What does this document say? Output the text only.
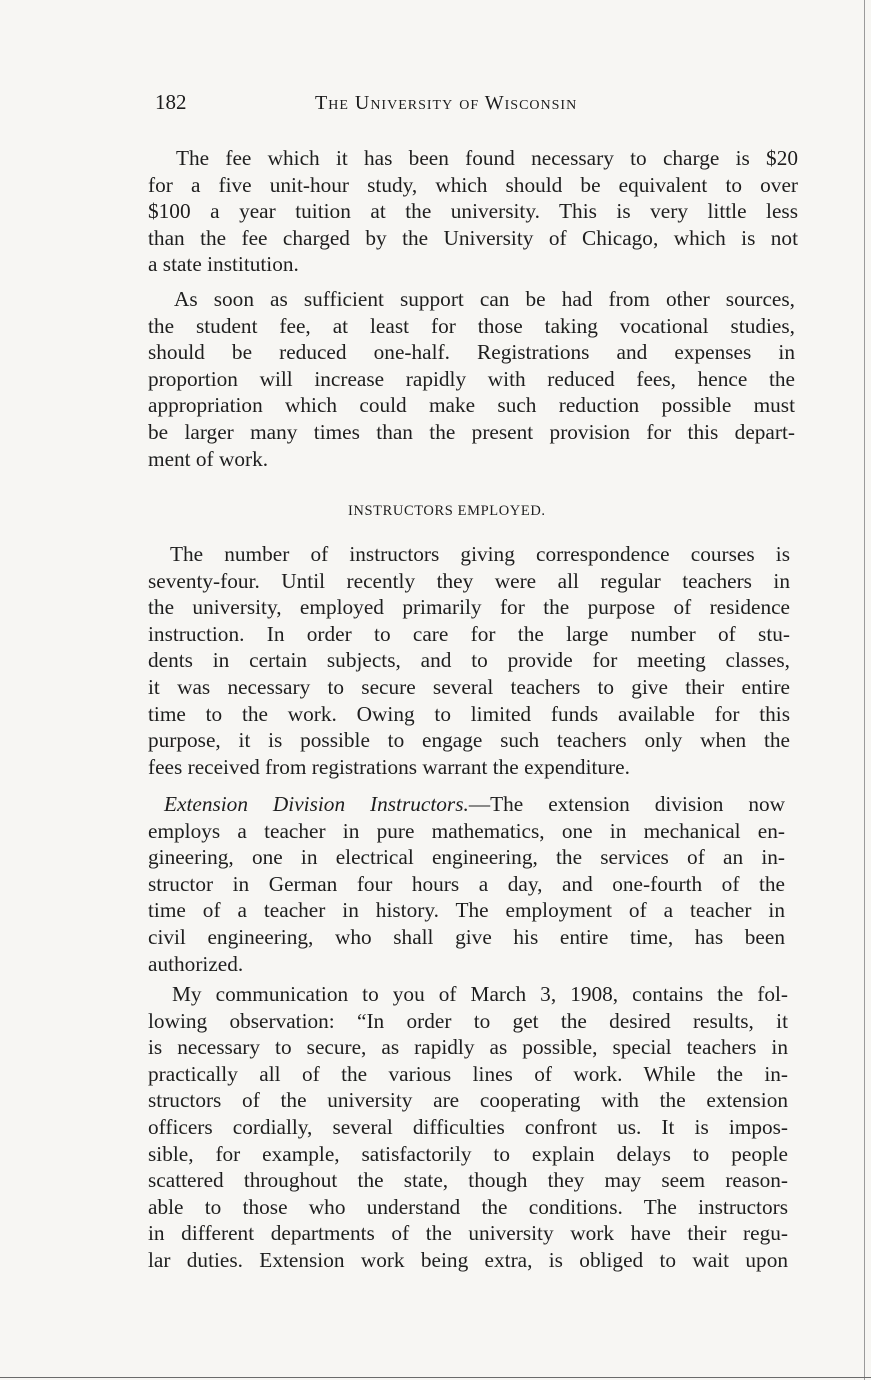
182	The University of Wisconsin
The fee which it has been found necessary to charge is $20
for a five unit-hour study, which should be equivalent to over
$100 a year tuition at the university. This is very little less
than the fee charged by the University of Chicago, which is not
a state institution.
As soon as sufficient support can be had from other sources,
the student fee, at least for those taking vocational studies,
should be reduced one-half. Registrations and expenses in
proportion will increase rapidly with reduced fees, hence the
appropriation which could make such reduction possible must
be larger many times than the present provision for this depart-
ment of work.
INSTRUCTORS EMPLOYED.
The number of instructors giving correspondence courses is
seventy-four. Until recently they were all regular teachers in
the university, employed primarily for the purpose of residence
instruction. In order to care for the large number of stu-
dents in certain subjects, and to provide for meeting classes,
it was necessary to secure several teachers to give their entire
time to the work. Owing to limited funds available for this
purpose, it is possible to engage such teachers only when the
fees received from registrations warrant the expenditure.
Extension Division Instructors.—The extension division now
employs a teacher in pure mathematics, one in mechanical en-
gineering, one in electrical engineering, the services of an in-
structor in German four hours a day, and one-fourth of the
time of a teacher in history. The employment of a teacher in
civil engineering, who shall give his entire time, has been
authorized.
My communication to you of March 3, 1908, contains the fol-
lowing observation: “In order to get the desired results, it
is necessary to secure, as rapidly as possible, special teachers in
practically all of the various lines of work. While the in-
structors of the university are cooperating with the extension
officers cordially, several difficulties confront us. It is impos-
sible, for example, satisfactorily to explain delays to people
scattered throughout the state, though they may seem reason-
able to those who understand the conditions. The instructors
in different departments of the university work have their regu-
lar duties. Extension work being extra, is obliged to wait upon
